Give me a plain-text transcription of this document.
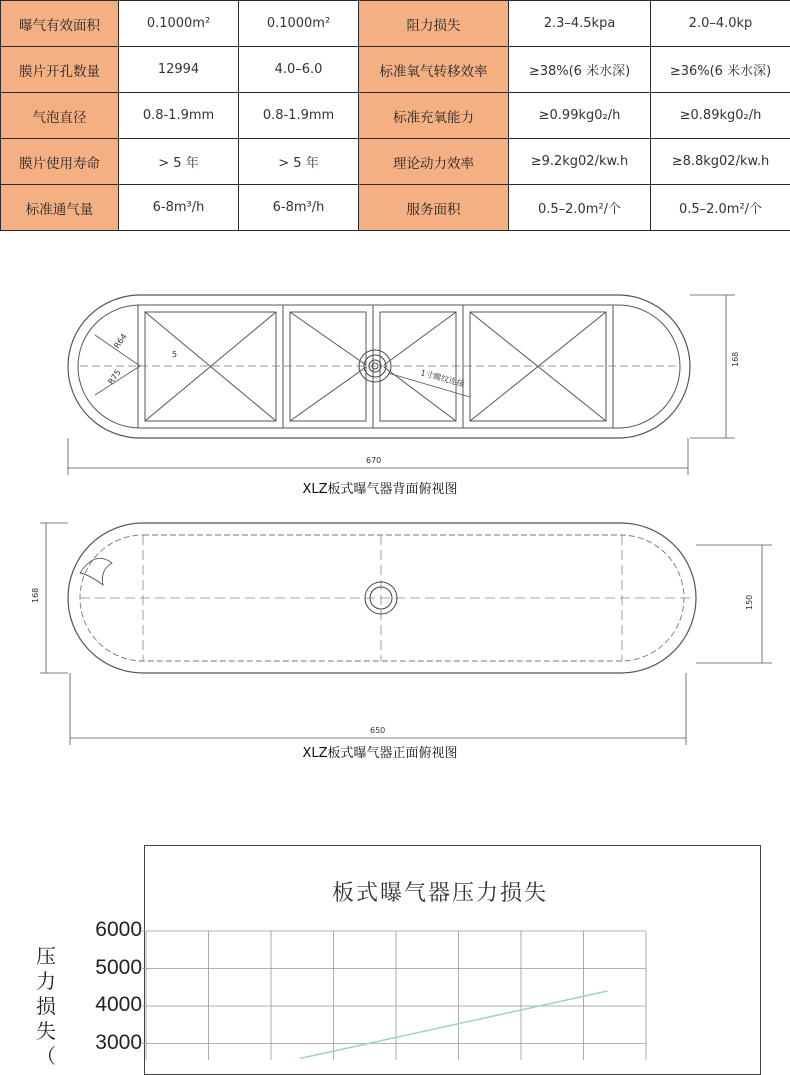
曝气有效面积	0.1000m²	0.1000m²	阻力损失	2.3–4.5kpa	2.0–4.0kp
膜片开孔数量	12994	4.0–6.0	标准氧气转移效率	≥38%(6 米水深)	≥36%(6 米水深)
气泡直径	0.8-1.9mm	0.8-1.9mm	标准充氧能力	≥0.99kg0₂/h	≥0.89kg0₂/h
膜片使用寿命	> 5 年	> 5 年	理论动力效率	≥9.2kg02/kw.h	≥8.8kg02/kw.h
标准通气量	6-8m³/h	6-8m³/h	服务面积	0.5–2.0m²/个	0.5–2.0m²/个
R64
R75
5
1寸螺纹连接
168
670
XLZ板式曝气器背面俯视图
168	150
650
XLZ板式曝气器正面俯视图
板式曝气器压力损失
压力损失（
6000
5000
4000
3000
